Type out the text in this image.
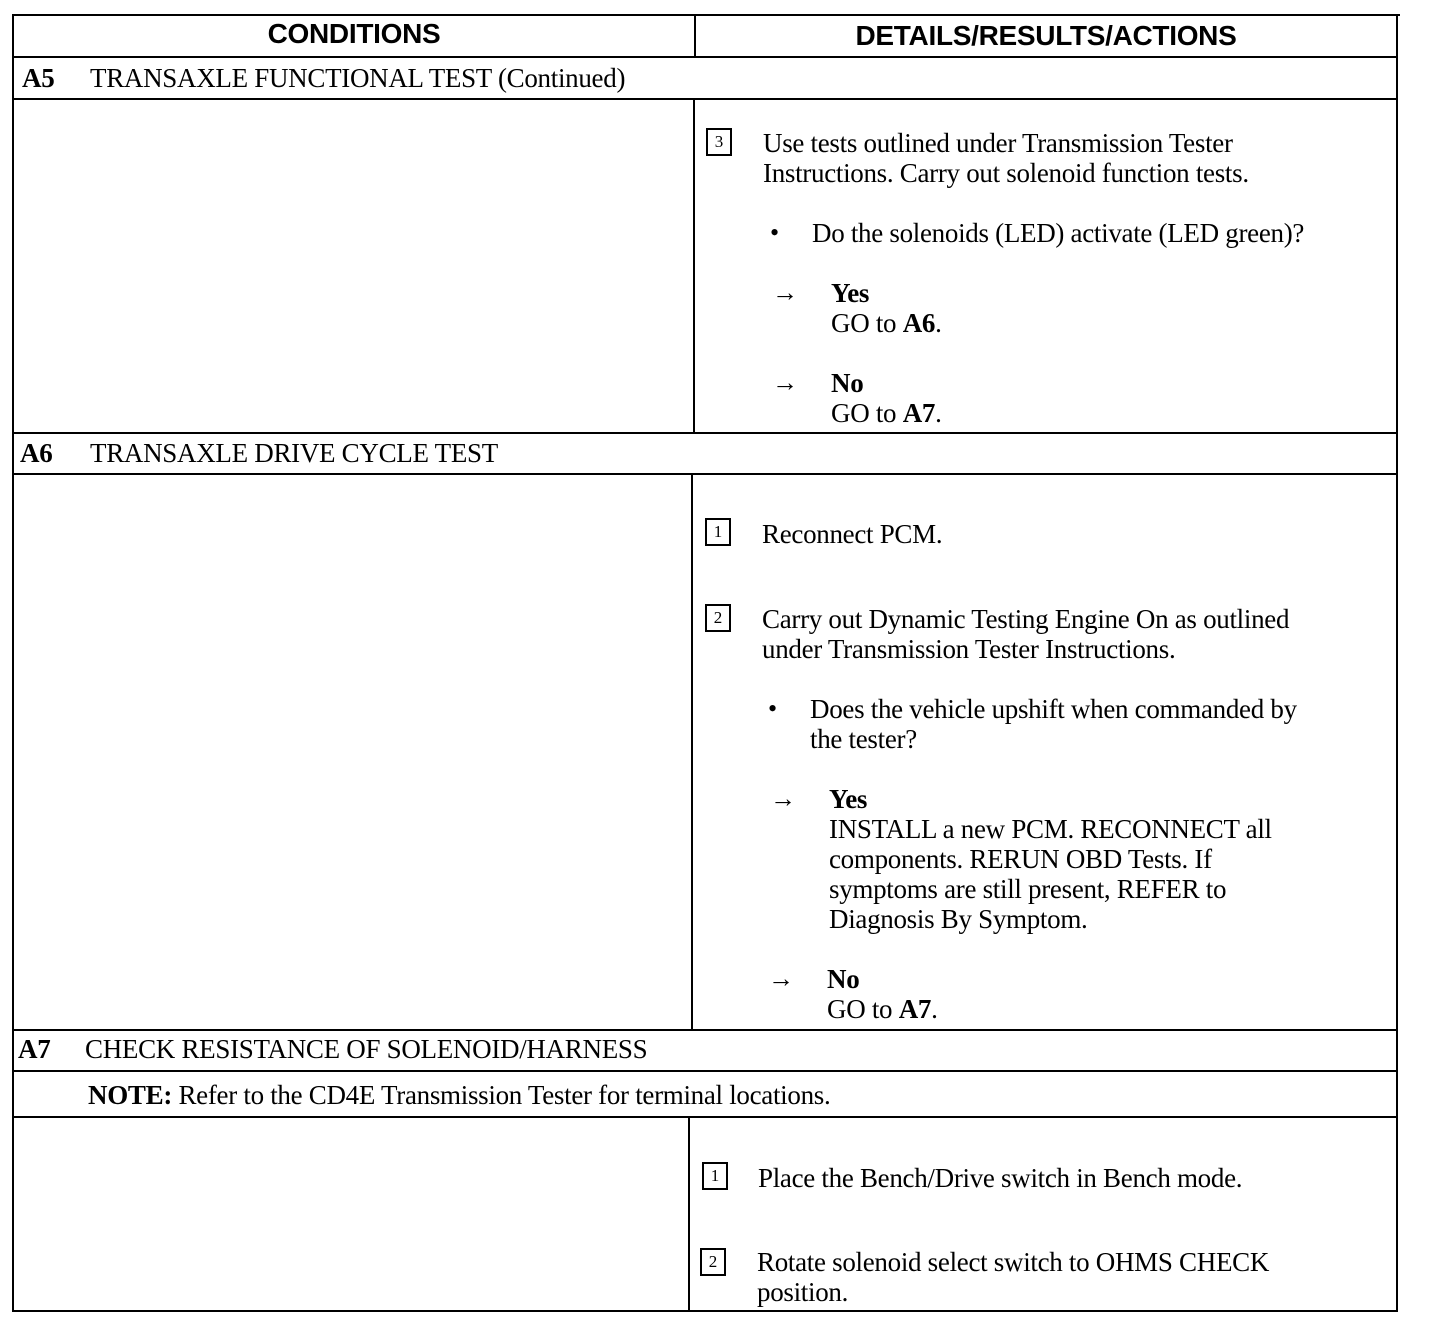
CONDITIONS	DETAILS/RESULTS/ACTIONS
A5 TRANSAXLE FUNCTIONAL TEST (Continued)
3	Use tests outlined under Transmission Tester
Instructions. Carry out solenoid function tests.
• Do the solenoids (LED) activate (LED green)?
→ Yes
GO to A6.
→ No
GO to A7.
A6 TRANSAXLE DRIVE CYCLE TEST
1	Reconnect PCM.
2	Carry out Dynamic Testing Engine On as outlined
under Transmission Tester Instructions.
• Does the vehicle upshift when commanded by
the tester?
→ Yes
INSTALL a new PCM. RECONNECT all
components. RERUN OBD Tests. If
symptoms are still present, REFER to
Diagnosis By Symptom.
→ No
GO to A7.
A7 CHECK RESISTANCE OF SOLENOID/HARNESS
NOTE: Refer to the CD4E Transmission Tester for terminal locations.
1	Place the Bench/Drive switch in Bench mode.
2	Rotate solenoid select switch to OHMS CHECK
position.
